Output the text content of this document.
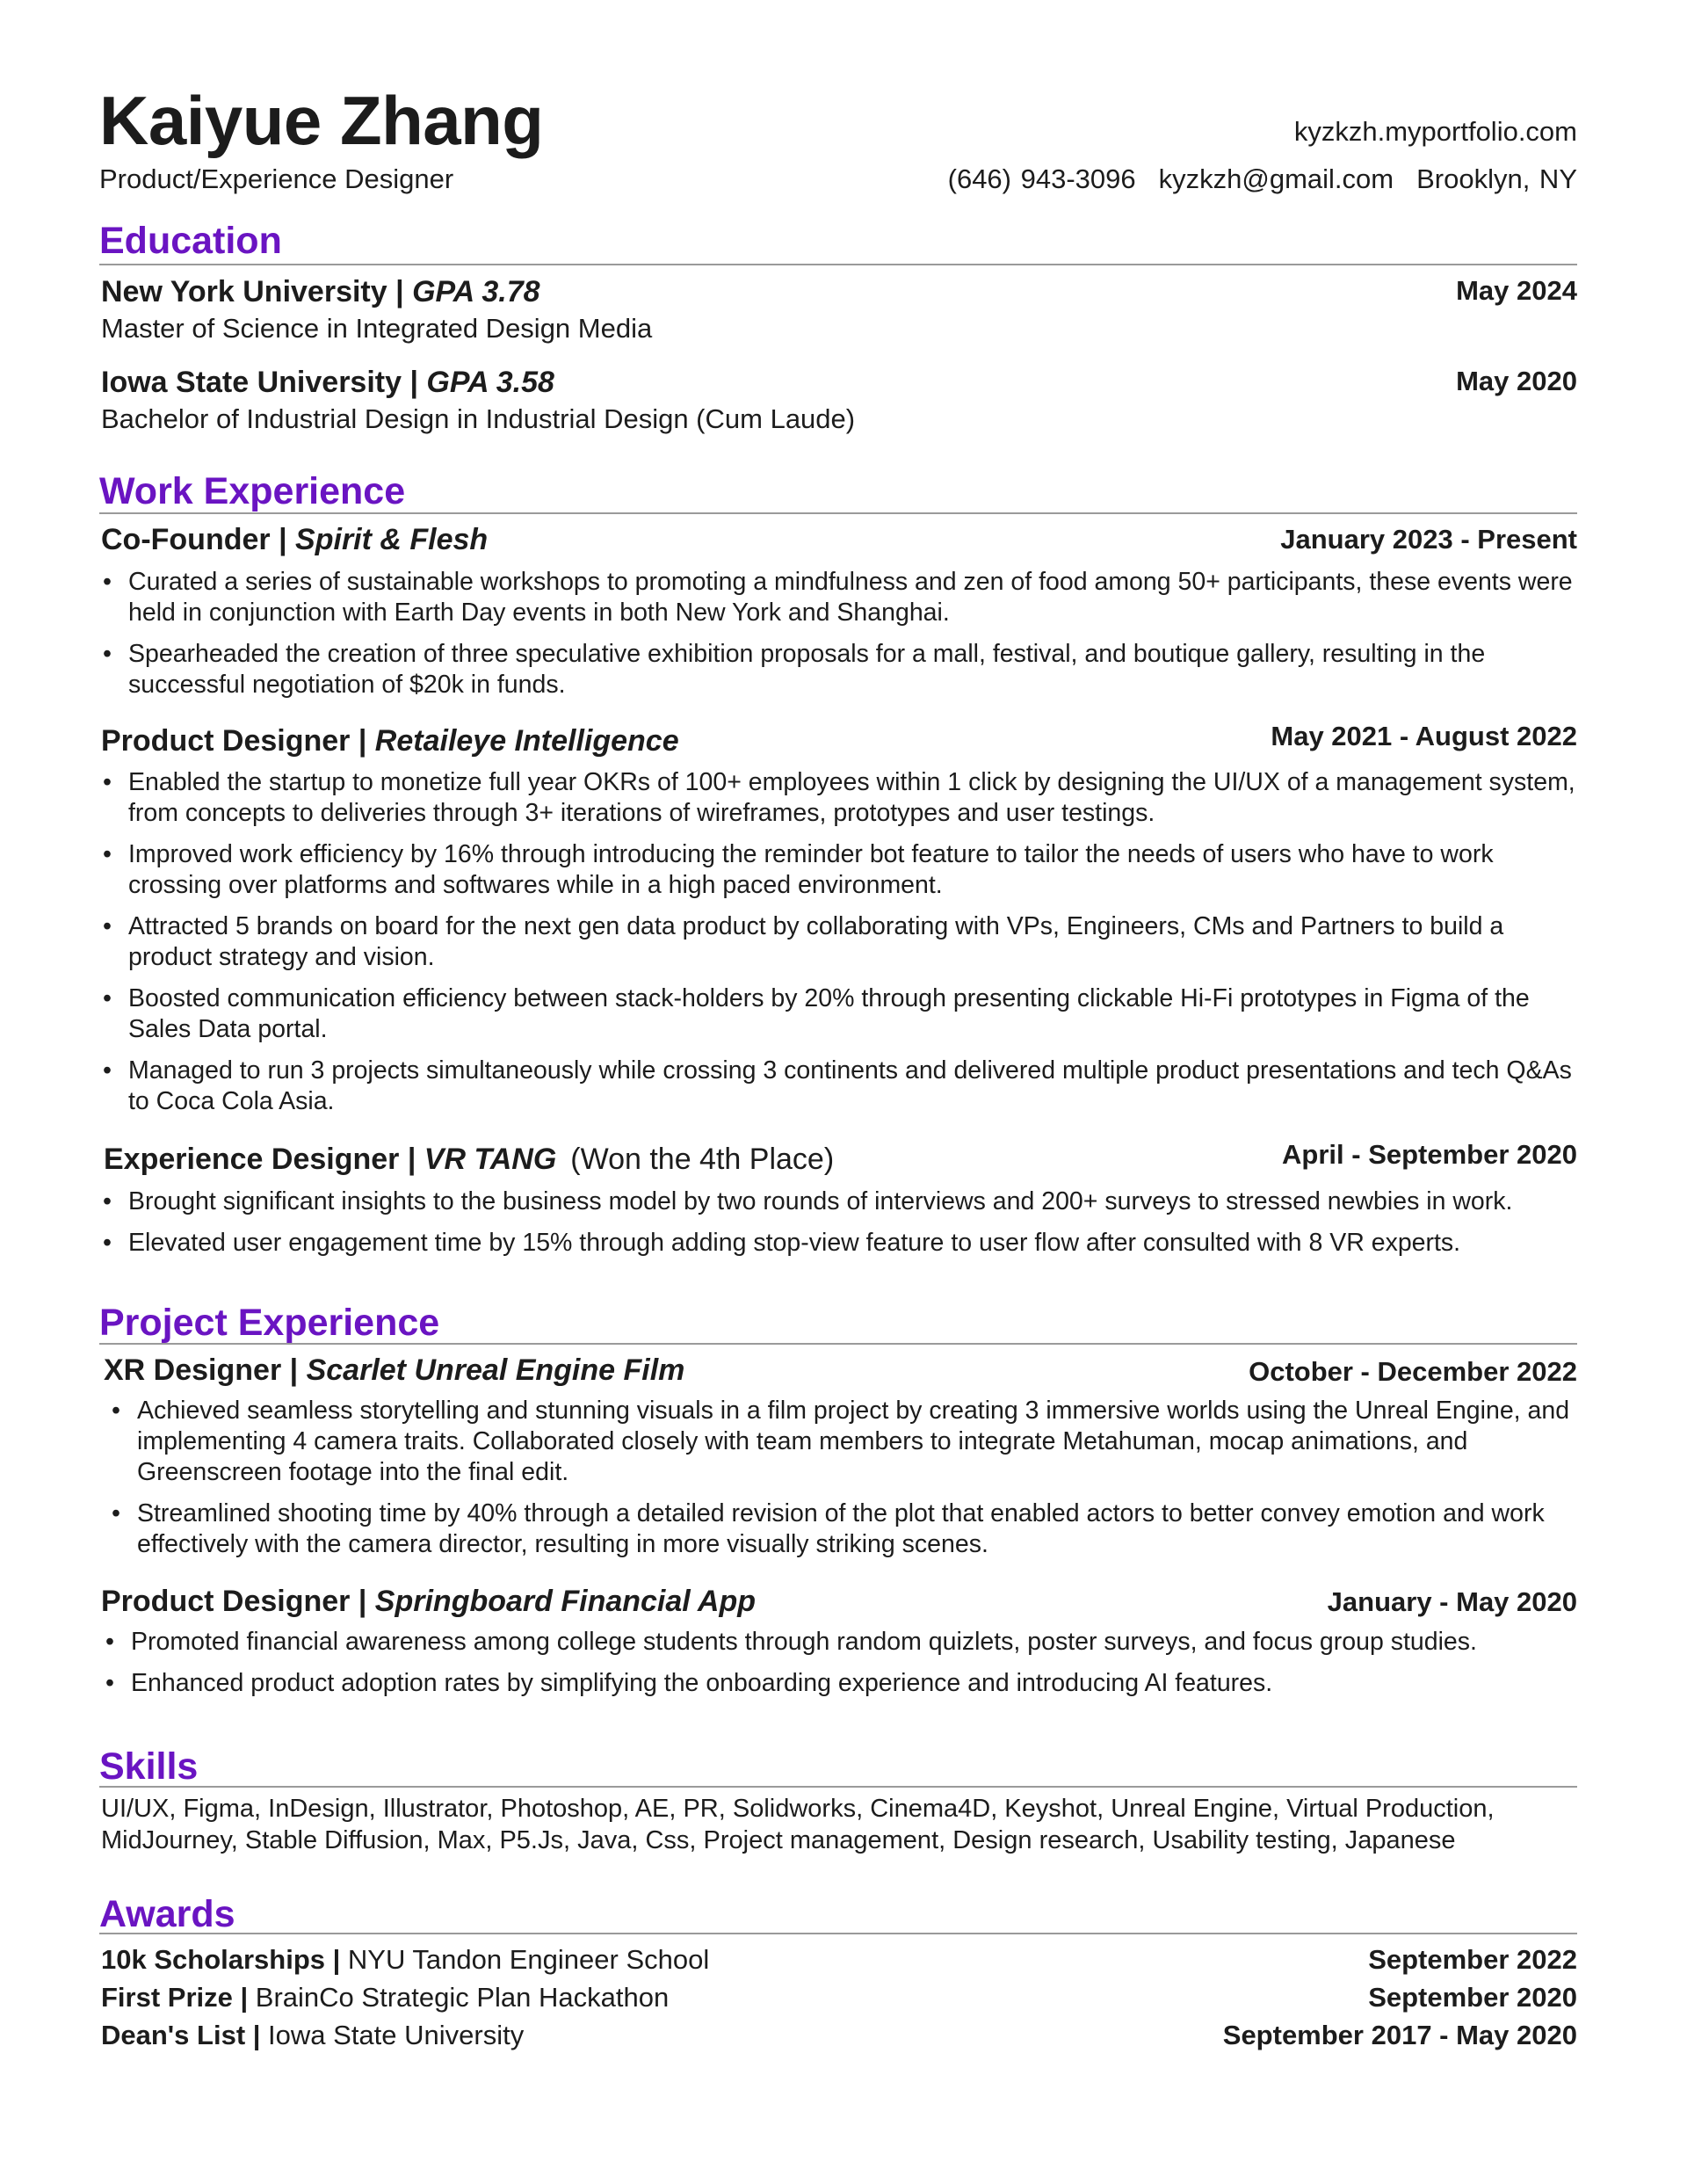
Kaiyue Zhang
Product/Experience Designer
kyzkzh.myportfolio.com
(646) 943-3096 kyzkzh@gmail.com Brooklyn, NY
Education
New York University | GPA 3.78	May 2024
Master of Science in Integrated Design Media
Iowa State University | GPA 3.58	May 2020
Bachelor of Industrial Design in Industrial Design (Cum Laude)
Work Experience
Co-Founder | Spirit & Flesh	January 2023 - Present
• Curated a series of sustainable workshops to promoting a mindfulness and zen of food among 50+ participants, these events were held in conjunction with Earth Day events in both New York and Shanghai.
• Spearheaded the creation of three speculative exhibition proposals for a mall, festival, and boutique gallery, resulting in the successful negotiation of $20k in funds.
Product Designer | Retaileye Intelligence	May 2021 - August 2022
• Enabled the startup to monetize full year OKRs of 100+ employees within 1 click by designing the UI/UX of a management system, from concepts to deliveries through 3+ iterations of wireframes, prototypes and user testings.
• Improved work efficiency by 16% through introducing the reminder bot feature to tailor the needs of users who have to work crossing over platforms and softwares while in a high paced environment.
• Attracted 5 brands on board for the next gen data product by collaborating with VPs, Engineers, CMs and Partners to build a product strategy and vision.
• Boosted communication efficiency between stack-holders by 20% through presenting clickable Hi-Fi prototypes in Figma of the Sales Data portal.
• Managed to run 3 projects simultaneously while crossing 3 continents and delivered multiple product presentations and tech Q&As to Coca Cola Asia.
Experience Designer | VR TANG (Won the 4th Place)	April - September 2020
• Brought significant insights to the business model by two rounds of interviews and 200+ surveys to stressed newbies in work.
• Elevated user engagement time by 15% through adding stop-view feature to user flow after consulted with 8 VR experts.
Project Experience
XR Designer | Scarlet Unreal Engine Film	October - December 2022
• Achieved seamless storytelling and stunning visuals in a film project by creating 3 immersive worlds using the Unreal Engine, and implementing 4 camera traits. Collaborated closely with team members to integrate Metahuman, mocap animations, and Greenscreen footage into the final edit.
• Streamlined shooting time by 40% through a detailed revision of the plot that enabled actors to better convey emotion and work effectively with the camera director, resulting in more visually striking scenes.
Product Designer | Springboard Financial App	January - May 2020
• Promoted financial awareness among college students through random quizlets, poster surveys, and focus group studies.
• Enhanced product adoption rates by simplifying the onboarding experience and introducing AI features.
Skills
UI/UX, Figma, InDesign, Illustrator, Photoshop, AE, PR, Solidworks, Cinema4D, Keyshot, Unreal Engine, Virtual Production, MidJourney, Stable Diffusion, Max, P5.Js, Java, Css, Project management, Design research, Usability testing, Japanese
Awards
10k Scholarships | NYU Tandon Engineer School	September 2022
First Prize | BrainCo Strategic Plan Hackathon	September 2020
Dean's List | Iowa State University	September 2017 - May 2020
